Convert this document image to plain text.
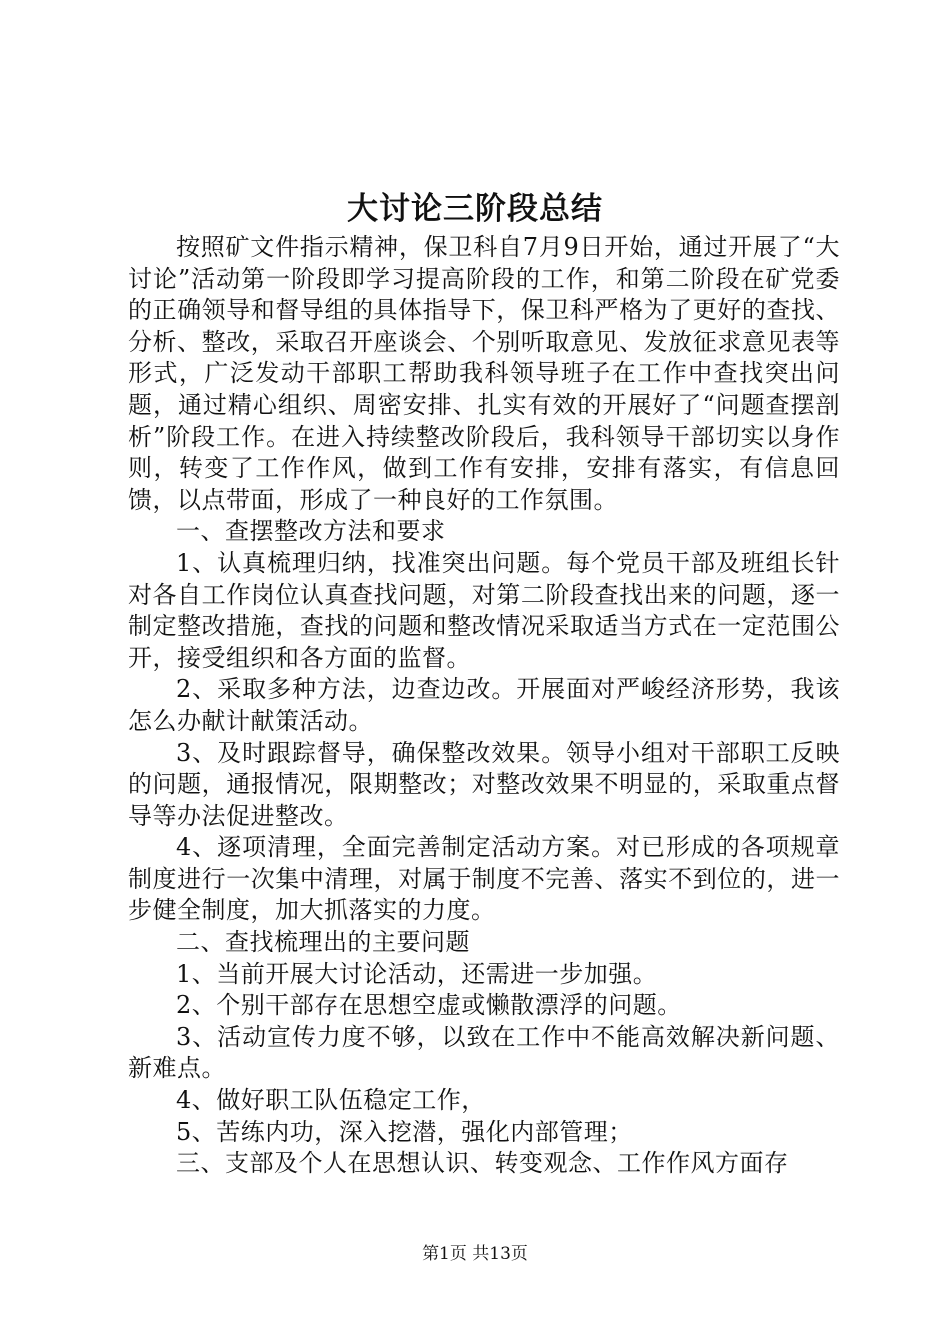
大讨论三阶段总结

按照矿文件指示精神，保卫科自7月9日开始，通过开展了“大讨论”活动第一阶段即学习提高阶段的工作，和第二阶段在矿党委的正确领导和督导组的具体指导下，保卫科严格为了更好的查找、分析、整改，采取召开座谈会、个别听取意见、发放征求意见表等形式，广泛发动干部职工帮助我科领导班子在工作中查找突出问题，通过精心组织、周密安排、扎实有效的开展好了“问题查摆剖析”阶段工作。在进入持续整改阶段后，我科领导干部切实以身作则，转变了工作作风，做到工作有安排，安排有落实，有信息回馈，以点带面，形成了一种良好的工作氛围。

一、查摆整改方法和要求

1、认真梳理归纳，找准突出问题。每个党员干部及班组长针对各自工作岗位认真查找问题，对第二阶段查找出来的问题，逐一制定整改措施，查找的问题和整改情况采取适当方式在一定范围公开，接受组织和各方面的监督。

2、采取多种方法，边查边改。开展面对严峻经济形势，我该怎么办献计献策活动。

3、及时跟踪督导，确保整改效果。领导小组对干部职工反映的问题，通报情况，限期整改；对整改效果不明显的，采取重点督导等办法促进整改。

4、逐项清理，全面完善制定活动方案。对已形成的各项规章制度进行一次集中清理，对属于制度不完善、落实不到位的，进一步健全制度，加大抓落实的力度。

二、查找梳理出的主要问题

1、当前开展大讨论活动，还需进一步加强。

2、个别干部存在思想空虚或懒散漂浮的问题。

3、活动宣传力度不够，以致在工作中不能高效解决新问题、新难点。

4、做好职工队伍稳定工作，

5、苦练内功，深入挖潜，强化内部管理；

三、支部及个人在思想认识、转变观念、工作作风方面存

第1页 共13页
